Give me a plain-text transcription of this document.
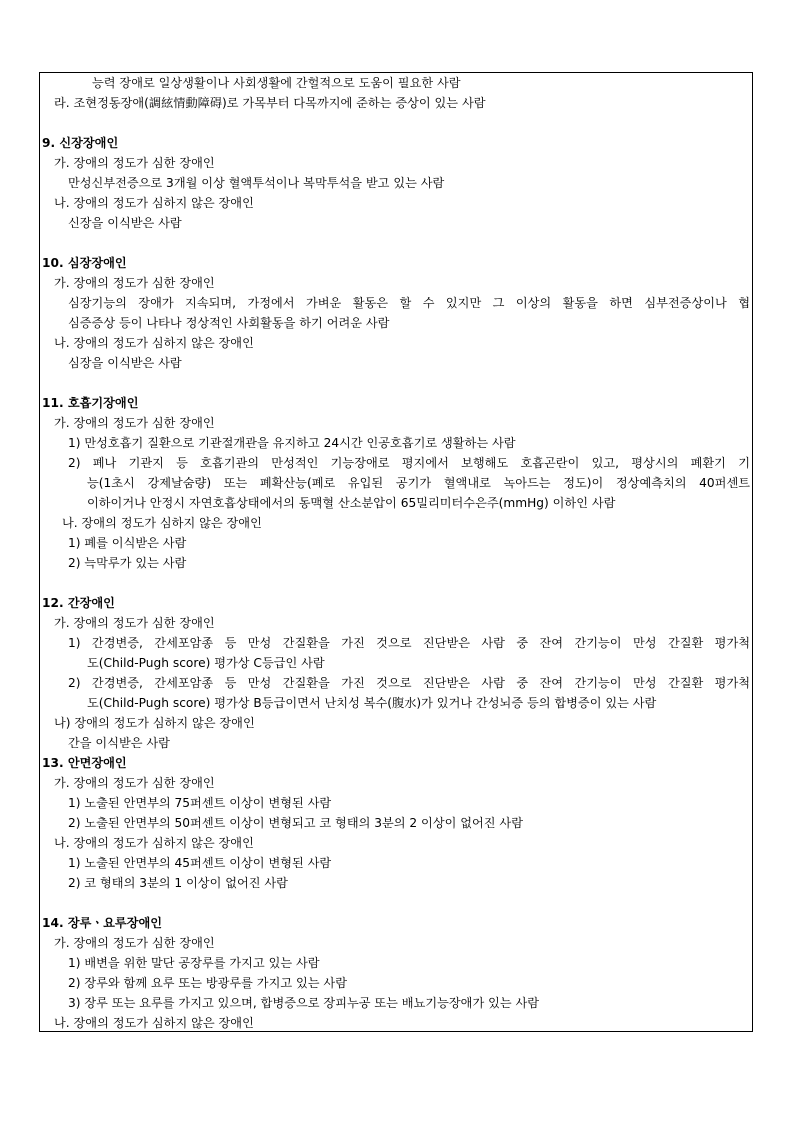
능력 장애로 일상생활이나 사회생활에 간헐적으로 도움이 필요한 사람
라. 조현정동장애(調絃情動障碍)로 가목부터 다목까지에 준하는 증상이 있는 사람
9. 신장장애인
가. 장애의 정도가 심한 장애인
만성신부전증으로 3개월 이상 혈액투석이나 복막투석을 받고 있는 사람
나. 장애의 정도가 심하지 않은 장애인
신장을 이식받은 사람
10. 심장장애인
가. 장애의 정도가 심한 장애인
심장기능의 장애가 지속되며, 가정에서 가벼운 활동은 할 수 있지만 그 이상의 활동을 하면 심부전증상이나 협
심증증상 등이 나타나 정상적인 사회활동을 하기 어려운 사람
나. 장애의 정도가 심하지 않은 장애인
심장을 이식받은 사람
11. 호흡기장애인
가. 장애의 정도가 심한 장애인
1) 만성호흡기 질환으로 기관절개관을 유지하고 24시간 인공호흡기로 생활하는 사람
2) 폐나 기관지 등 호흡기관의 만성적인 기능장애로 평지에서 보행해도 호흡곤란이 있고, 평상시의 폐환기 기
능(1초시 강제날숨량) 또는 폐확산능(폐로 유입된 공기가 혈액내로 녹아드는 정도)이 정상예측치의 40퍼센트
이하이거나 안정시 자연호흡상태에서의 동맥혈 산소분압이 65밀리미터수은주(mmHg) 이하인 사람
나. 장애의 정도가 심하지 않은 장애인
1) 폐를 이식받은 사람
2) 늑막루가 있는 사람
12. 간장애인
가. 장애의 정도가 심한 장애인
1) 간경변증, 간세포암종 등 만성 간질환을 가진 것으로 진단받은 사람 중 잔여 간기능이 만성 간질환 평가척
도(Child-Pugh score) 평가상 C등급인 사람
2) 간경변증, 간세포암종 등 만성 간질환을 가진 것으로 진단받은 사람 중 잔여 간기능이 만성 간질환 평가척
도(Child-Pugh score) 평가상 B등급이면서 난치성 복수(腹水)가 있거나 간성뇌증 등의 합병증이 있는 사람
나) 장애의 정도가 심하지 않은 장애인
간을 이식받은 사람
13. 안면장애인
가. 장애의 정도가 심한 장애인
1) 노출된 안면부의 75퍼센트 이상이 변형된 사람
2) 노출된 안면부의 50퍼센트 이상이 변형되고 코 형태의 3분의 2 이상이 없어진 사람
나. 장애의 정도가 심하지 않은 장애인
1) 노출된 안면부의 45퍼센트 이상이 변형된 사람
2) 코 형태의 3분의 1 이상이 없어진 사람
14. 장루ㆍ요루장애인
가. 장애의 정도가 심한 장애인
1) 배변을 위한 말단 공장루를 가지고 있는 사람
2) 장루와 함께 요루 또는 방광루를 가지고 있는 사람
3) 장루 또는 요루를 가지고 있으며, 합병증으로 장피누공 또는 배뇨기능장애가 있는 사람
나. 장애의 정도가 심하지 않은 장애인
